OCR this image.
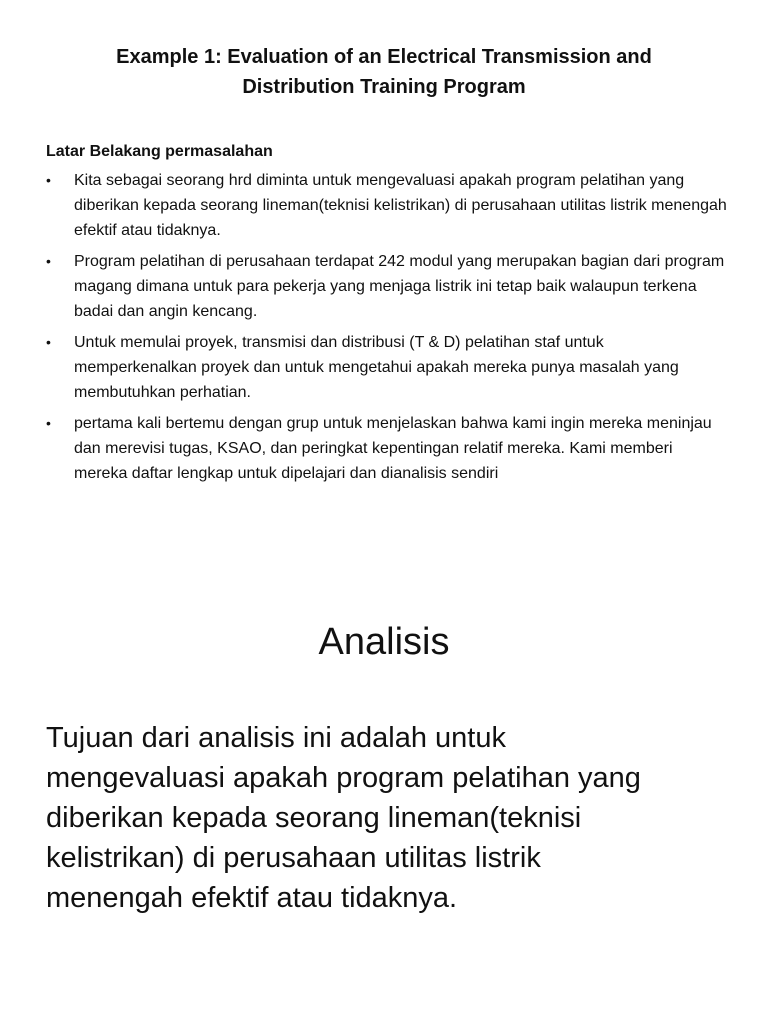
Example 1: Evaluation of an Electrical Transmission and
Distribution Training Program

Latar Belakang permasalahan

• Kita sebagai seorang hrd diminta untuk mengevaluasi apakah program pelatihan yang diberikan kepada seorang lineman(teknisi kelistrikan) di perusahaan utilitas listrik menengah efektif atau tidaknya.
• Program pelatihan di perusahaan terdapat 242 modul yang merupakan bagian dari program magang dimana untuk para pekerja yang menjaga listrik ini tetap baik walaupun terkena badai dan angin kencang.
• Untuk memulai proyek, transmisi dan distribusi (T & D) pelatihan staf untuk memperkenalkan proyek dan untuk mengetahui apakah mereka punya masalah yang membutuhkan perhatian.
• pertama kali bertemu dengan grup untuk menjelaskan bahwa kami ingin mereka meninjau dan merevisi tugas, KSAO, dan peringkat kepentingan relatif mereka. Kami memberi mereka daftar lengkap untuk dipelajari dan dianalisis sendiri
Analisis

Tujuan dari analisis ini adalah untuk
mengevaluasi apakah program pelatihan yang
diberikan kepada seorang lineman(teknisi
kelistrikan) di perusahaan utilitas listrik
menengah efektif atau tidaknya.
